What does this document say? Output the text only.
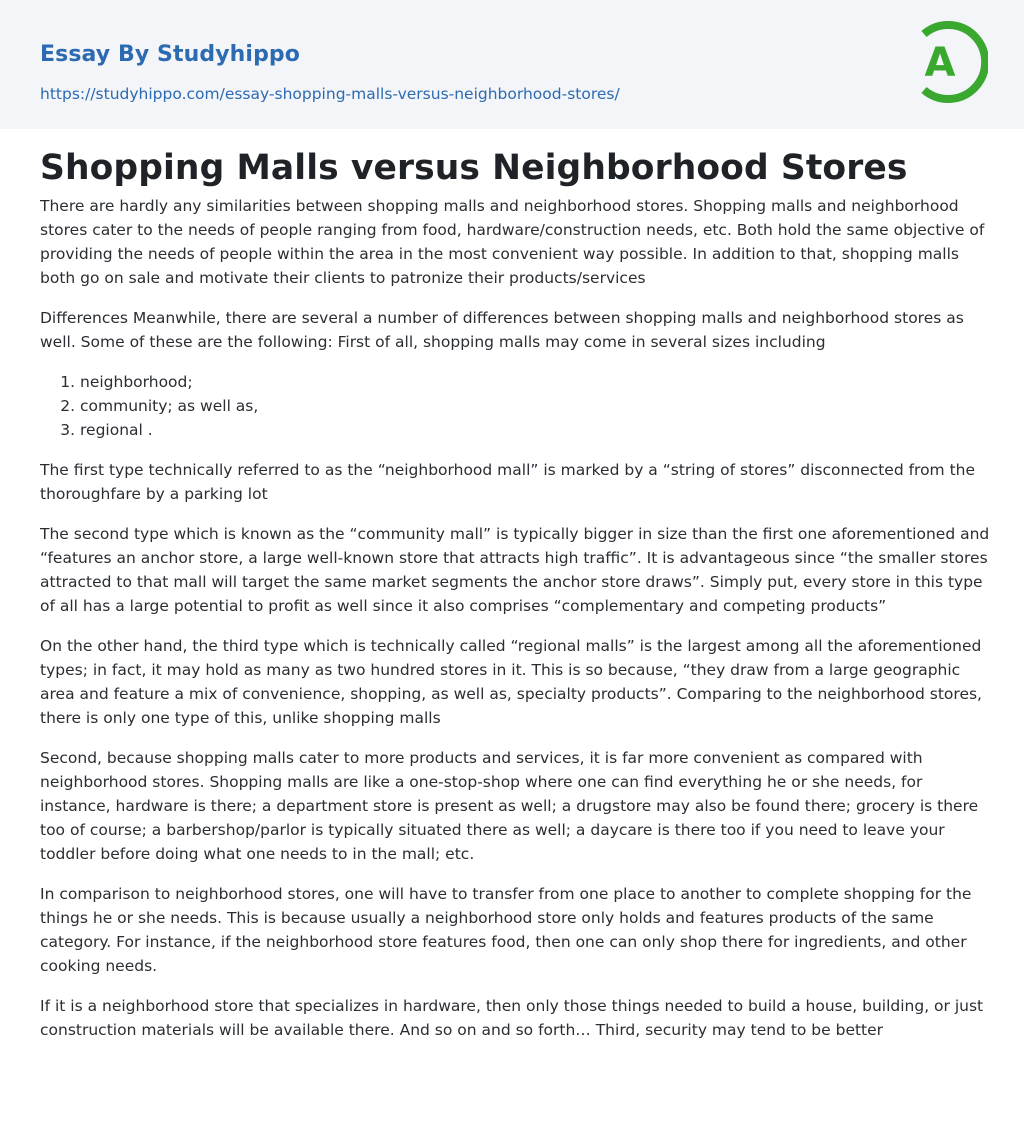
Essay By Studyhippo
https://studyhippo.com/essay-shopping-malls-versus-neighborhood-stores/
A
Shopping Malls versus Neighborhood Stores

There are hardly any similarities between shopping malls and neighborhood stores. Shopping malls and neighborhood stores cater to the needs of people ranging from food, hardware/construction needs, etc. Both hold the same objective of providing the needs of people within the area in the most convenient way possible. In addition to that, shopping malls both go on sale and motivate their clients to patronize their products/services

Differences Meanwhile, there are several a number of differences between shopping malls and neighborhood stores as well. Some of these are the following: First of all, shopping malls may come in several sizes including

1. neighborhood;
2. community; as well as,
3. regional .

The first type technically referred to as the “neighborhood mall” is marked by a “string of stores” disconnected from the thoroughfare by a parking lot

The second type which is known as the “community mall” is typically bigger in size than the first one aforementioned and “features an anchor store, a large well-known store that attracts high traffic”. It is advantageous since “the smaller stores attracted to that mall will target the same market segments the anchor store draws”. Simply put, every store in this type of all has a large potential to profit as well since it also comprises “complementary and competing products”

On the other hand, the third type which is technically called “regional malls” is the largest among all the aforementioned types; in fact, it may hold as many as two hundred stores in it. This is so because, “they draw from a large geographic area and feature a mix of convenience, shopping, as well as, specialty products”. Comparing to the neighborhood stores, there is only one type of this, unlike shopping malls

Second, because shopping malls cater to more products and services, it is far more convenient as compared with neighborhood stores. Shopping malls are like a one-stop-shop where one can find everything he or she needs, for instance, hardware is there; a department store is present as well; a drugstore may also be found there; grocery is there too of course; a barbershop/parlor is typically situated there as well; a daycare is there too if you need to leave your toddler before doing what one needs to in the mall; etc.

In comparison to neighborhood stores, one will have to transfer from one place to another to complete shopping for the things he or she needs. This is because usually a neighborhood store only holds and features products of the same category. For instance, if the neighborhood store features food, then one can only shop there for ingredients, and other cooking needs.

If it is a neighborhood store that specializes in hardware, then only those things needed to build a house, building, or just construction materials will be available there. And so on and so forth… Third, security may tend to be better
